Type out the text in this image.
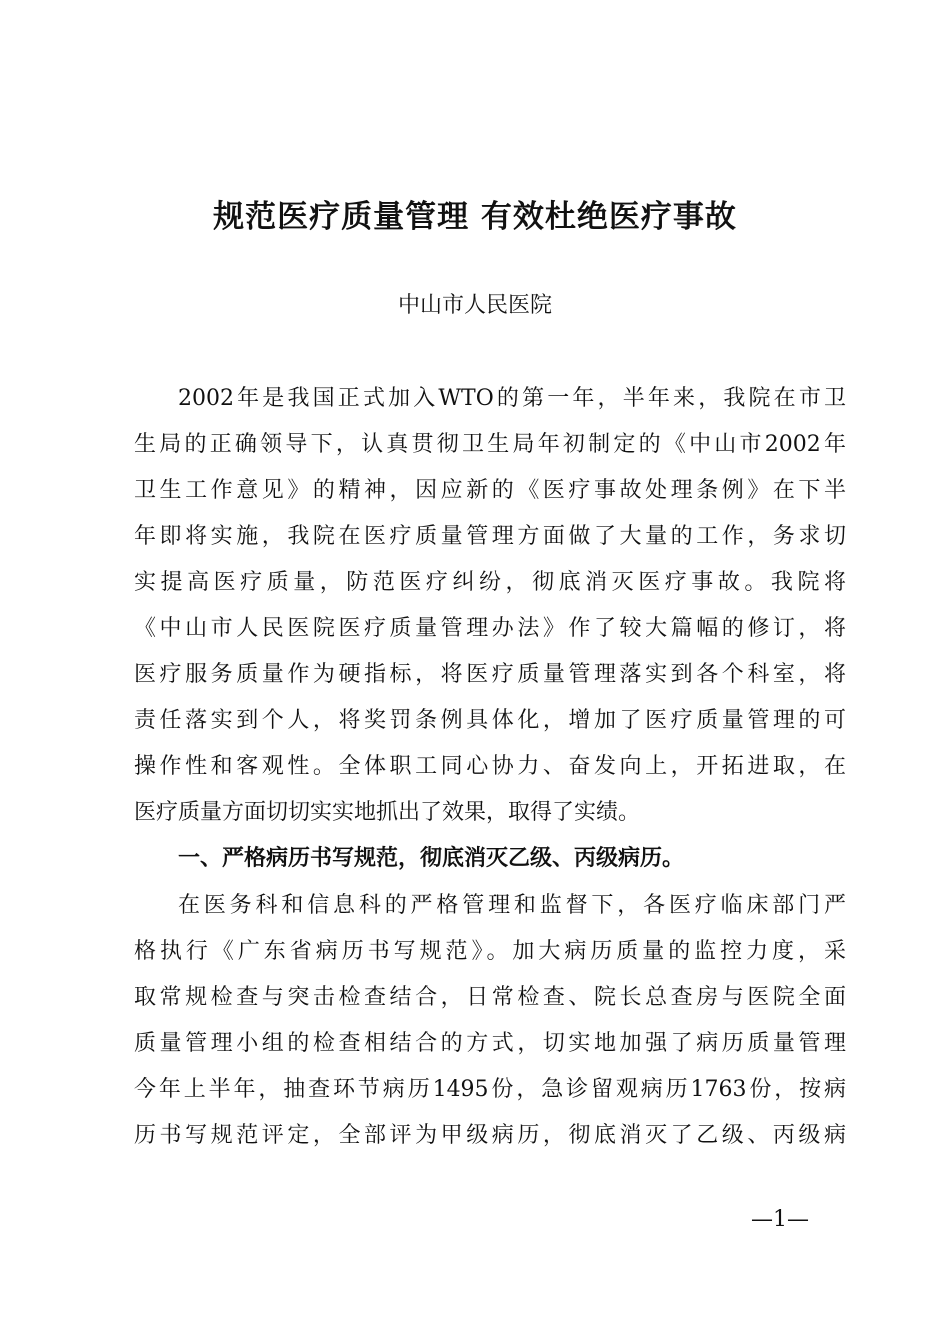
规范医疗质量管理 有效杜绝医疗事故
中山市人民医院
2002年是我国正式加入WTO的第一年，半年来，我院在市卫
生局的正确领导下，认真贯彻卫生局年初制定的《中山市2002年
卫生工作意见》的精神，因应新的《医疗事故处理条例》在下半
年即将实施，我院在医疗质量管理方面做了大量的工作，务求切
实提高医疗质量，防范医疗纠纷，彻底消灭医疗事故。我院将
《中山市人民医院医疗质量管理办法》作了较大篇幅的修订，将
医疗服务质量作为硬指标，将医疗质量管理落实到各个科室，将
责任落实到个人，将奖罚条例具体化，增加了医疗质量管理的可
操作性和客观性。全体职工同心协力、奋发向上，开拓进取，在
医疗质量方面切切实实地抓出了效果，取得了实绩。
一、严格病历书写规范，彻底消灭乙级、丙级病历。
在医务科和信息科的严格管理和监督下，各医疗临床部门严
格执行《广东省病历书写规范》。加大病历质量的监控力度，采
取常规检查与突击检查结合，日常检查、院长总查房与医院全面
质量管理小组的检查相结合的方式，切实地加强了病历质量管理
今年上半年，抽查环节病历1495份，急诊留观病历1763份，按病
历书写规范评定，全部评为甲级病历，彻底消灭了乙级、丙级病
—1—
